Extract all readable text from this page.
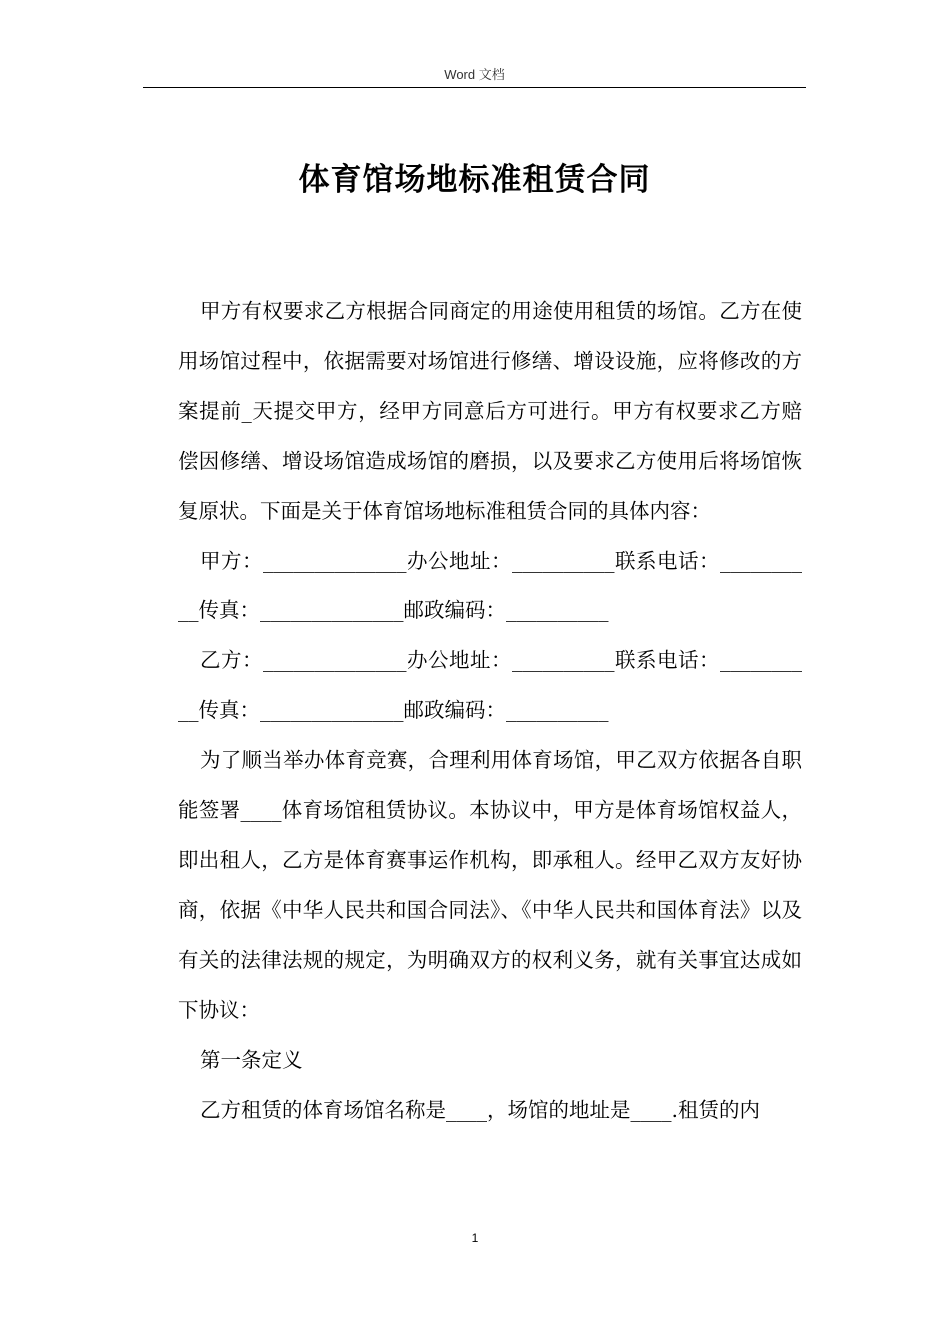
Word 文档
体育馆场地标准租赁合同

甲方有权要求乙方根据合同商定的用途使用租赁的场馆。乙方在使用场馆过程中，依据需要对场馆进行修缮、增设设施，应将修改的方案提前_天提交甲方，经甲方同意后方可进行。甲方有权要求乙方赔偿因修缮、增设场馆造成场馆的磨损，以及要求乙方使用后将场馆恢复原状。下面是关于体育馆场地标准租赁合同的具体内容：

甲方：______________办公地址：__________联系电话：__________传真：______________邮政编码：__________

乙方：______________办公地址：__________联系电话：__________传真：______________邮政编码：__________

为了顺当举办体育竞赛，合理利用体育场馆，甲乙双方依据各自职能签署____体育场馆租赁协议。本协议中，甲方是体育场馆权益人，即出租人，乙方是体育赛事运作机构，即承租人。经甲乙双方友好协商，依据《中华人民共和国合同法》、《中华人民共和国体育法》以及有关的法律法规的规定，为明确双方的权利义务，就有关事宜达成如下协议：

第一条定义

乙方租赁的体育场馆名称是____，场馆的地址是____.租赁的内

1
